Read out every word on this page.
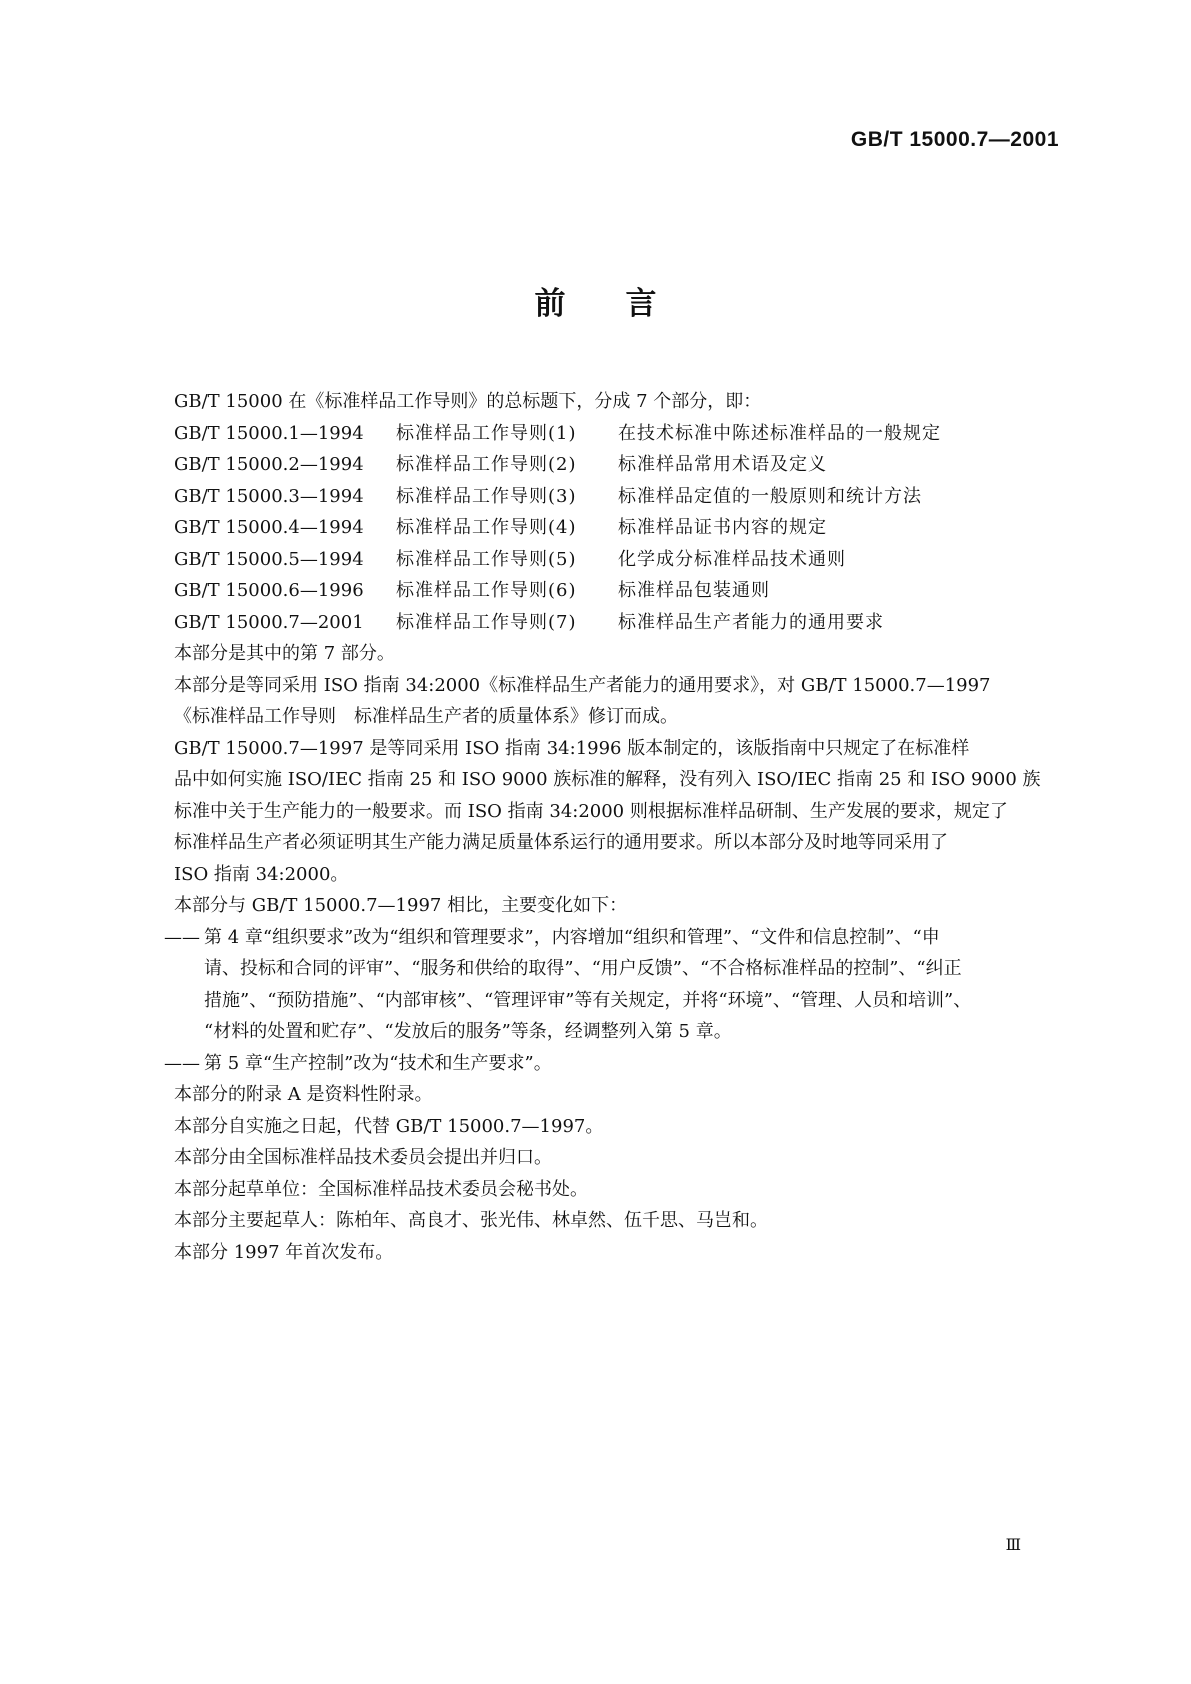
GB/T 15000.7—2001
前言
GB/T 15000 在《标准样品工作导则》的总标题下，分成 7 个部分，即：
GB/T 15000.1—1994	标准样品工作导则(1)	在技术标准中陈述标准样品的一般规定
GB/T 15000.2—1994	标准样品工作导则(2)	标准样品常用术语及定义
GB/T 15000.3—1994	标准样品工作导则(3)	标准样品定值的一般原则和统计方法
GB/T 15000.4—1994	标准样品工作导则(4)	标准样品证书内容的规定
GB/T 15000.5—1994	标准样品工作导则(5)	化学成分标准样品技术通则
GB/T 15000.6—1996	标准样品工作导则(6)	标准样品包装通则
GB/T 15000.7—2001	标准样品工作导则(7)	标准样品生产者能力的通用要求
本部分是其中的第 7 部分。
本部分是等同采用 ISO 指南 34:2000《标准样品生产者能力的通用要求》，对 GB/T 15000.7—1997
《标准样品工作导则　标准样品生产者的质量体系》修订而成。
GB/T 15000.7—1997 是等同采用 ISO 指南 34:1996 版本制定的，该版指南中只规定了在标准样
品中如何实施 ISO/IEC 指南 25 和 ISO 9000 族标准的解释，没有列入 ISO/IEC 指南 25 和 ISO 9000 族
标准中关于生产能力的一般要求。而 ISO 指南 34:2000 则根据标准样品研制、生产发展的要求，规定了
标准样品生产者必须证明其生产能力满足质量体系运行的通用要求。所以本部分及时地等同采用了
ISO 指南 34:2000。
本部分与 GB/T 15000.7—1997 相比，主要变化如下：
—— 第 4 章“组织要求”改为“组织和管理要求”，内容增加“组织和管理”、“文件和信息控制”、“申
请、投标和合同的评审”、“服务和供给的取得”、“用户反馈”、“不合格标准样品的控制”、“纠正
措施”、“预防措施”、“内部审核”、“管理评审”等有关规定，并将“环境”、“管理、人员和培训”、
“材料的处置和贮存”、“发放后的服务”等条，经调整列入第 5 章。
—— 第 5 章“生产控制”改为“技术和生产要求”。
本部分的附录 A 是资料性附录。
本部分自实施之日起，代替 GB/T 15000.7—1997。
本部分由全国标准样品技术委员会提出并归口。
本部分起草单位：全国标准样品技术委员会秘书处。
本部分主要起草人：陈柏年、高良才、张光伟、林卓然、伍千思、马岂和。
本部分 1997 年首次发布。
Ⅲ
